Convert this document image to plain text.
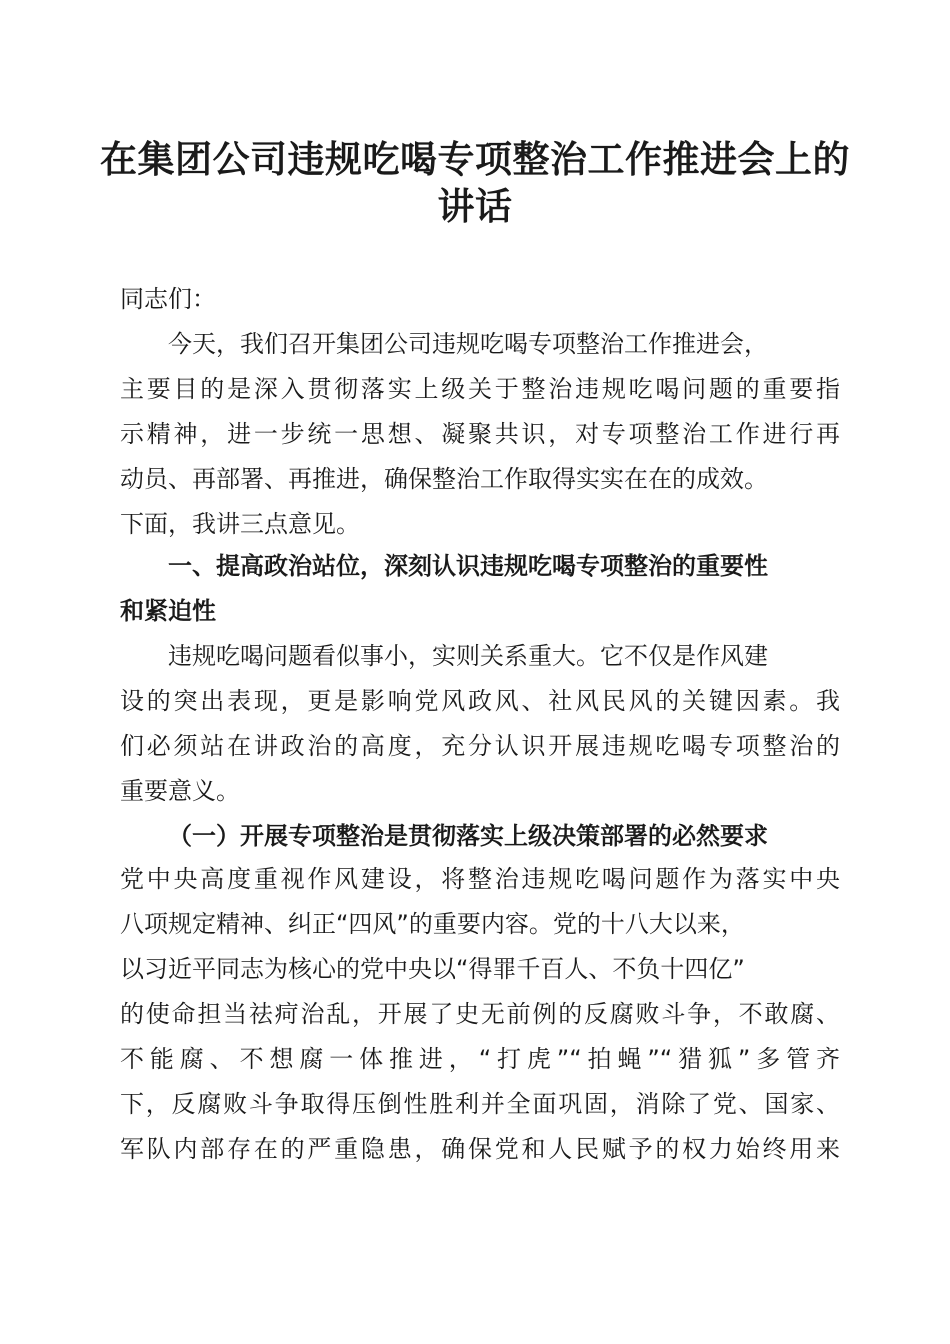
在集团公司违规吃喝专项整治工作推进会上的
讲话

同志们：

今天，我们召开集团公司违规吃喝专项整治工作推进会，

主要目的是深入贯彻落实上级关于整治违规吃喝问题的重要指

示精神，进一步统一思想、凝聚共识，对专项整治工作进行再

动员、再部署、再推进，确保整治工作取得实实在在的成效。

下面，我讲三点意见。

一、提高政治站位，深刻认识违规吃喝专项整治的重要性

和紧迫性

违规吃喝问题看似事小，实则关系重大。它不仅是作风建

设的突出表现，更是影响党风政风、社风民风的关键因素。我

们必须站在讲政治的高度，充分认识开展违规吃喝专项整治的

重要意义。

（一）开展专项整治是贯彻落实上级决策部署的必然要求

党中央高度重视作风建设，将整治违规吃喝问题作为落实中央

八项规定精神、纠正“四风”的重要内容。党的十八大以来，

以习近平同志为核心的党中央以“得罪千百人、不负十四亿”

的使命担当祛疴治乱，开展了史无前例的反腐败斗争，不敢腐、

不能腐、不想腐一体推进，“打虎”“拍蝇”“猎狐”多管齐

下，反腐败斗争取得压倒性胜利并全面巩固，消除了党、国家、

军队内部存在的严重隐患，确保党和人民赋予的权力始终用来
